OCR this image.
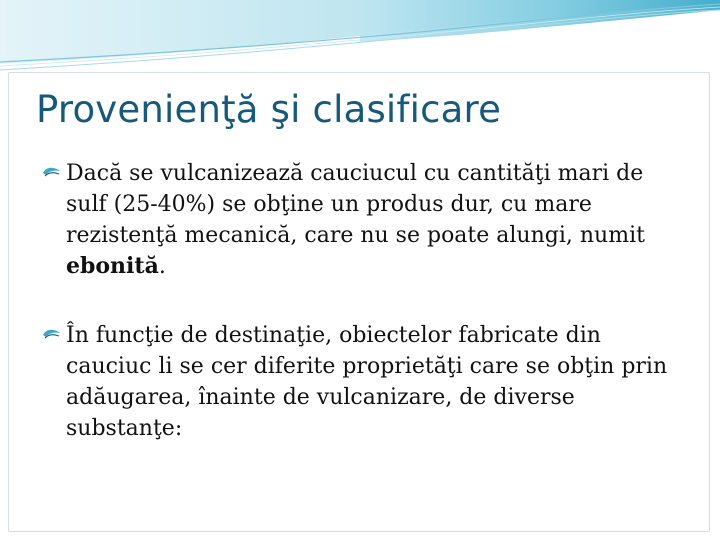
Provenienţă şi clasificare
Dacă se vulcanizează cauciucul cu cantităţi mari de sulf (25-40%) se obţine un produs dur, cu mare rezistenţă mecanică, care nu se poate alungi, numit ebonită.
În funcţie de destinaţie, obiectelor fabricate din cauciuc li se cer diferite proprietăţi care se obţin prin adăugarea, înainte de vulcanizare, de diverse substanţe:
